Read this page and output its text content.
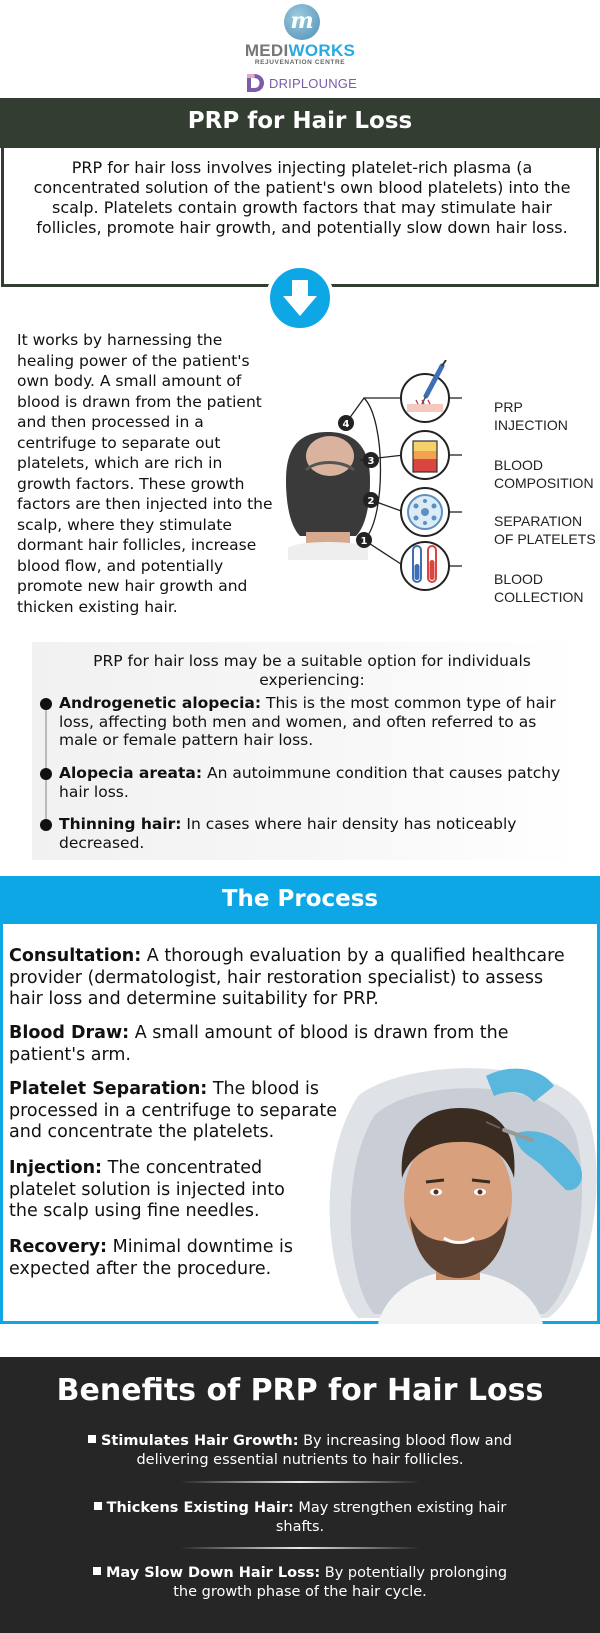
m
MEDIWORKS
REJUVENATION CENTRE
DRIPLOUNGE
PRP for Hair Loss

PRP for hair loss involves injecting platelet-rich plasma (a concentrated solution of the patient's own blood platelets) into the scalp. Platelets contain growth factors that may stimulate hair follicles, promote hair growth, and potentially slow down hair loss.

It works by harnessing the healing power of the patient's own body. A small amount of blood is drawn from the patient and then processed in a centrifuge to separate out platelets, which are rich in growth factors. These growth factors are then injected into the scalp, where they stimulate dormant hair follicles, increase blood flow, and potentially promote new hair growth and thicken existing hair.

4
3
2
1
PRP
INJECTION
BLOOD
COMPOSITION
SEPARATION
OF PLATELETS
BLOOD
COLLECTION

PRP for hair loss may be a suitable option for individuals experiencing:

Androgenetic alopecia: This is the most common type of hair loss, affecting both men and women, and often referred to as male or female pattern hair loss.

Alopecia areata: An autoimmune condition that causes patchy hair loss.

Thinning hair: In cases where hair density has noticeably decreased.

The Process

Consultation: A thorough evaluation by a qualified healthcare provider (dermatologist, hair restoration specialist) to assess hair loss and determine suitability for PRP.

Blood Draw: A small amount of blood is drawn from the patient's arm.

Platelet Separation: The blood is processed in a centrifuge to separate and concentrate the platelets.

Injection: The concentrated platelet solution is injected into the scalp using fine needles.

Recovery: Minimal downtime is expected after the procedure.

Benefits of PRP for Hair Loss

Stimulates Hair Growth: By increasing blood flow and delivering essential nutrients to hair follicles.

Thickens Existing Hair: May strengthen existing hair shafts.

May Slow Down Hair Loss: By potentially prolonging the growth phase of the hair cycle.
